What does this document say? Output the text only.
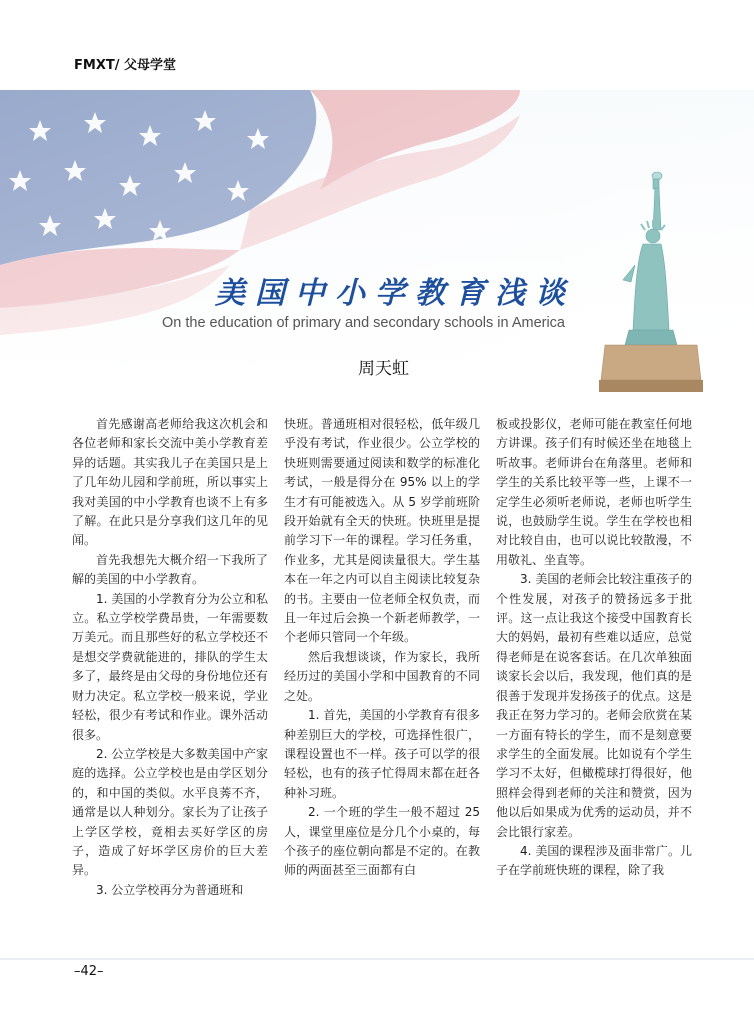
FMXT/ 父母学堂
美国中小学教育浅谈
On the education of primary and secondary schools in America
周天虹

首先感谢高老师给我这次机会和各位老师和家长交流中美小学教育差异的话题。其实我儿子在美国只是上了几年幼儿园和学前班，所以事实上我对美国的中小学教育也谈不上有多了解。在此只是分享我们这几年的见闻。

首先我想先大概介绍一下我所了解的美国的中小学教育。

1. 美国的小学教育分为公立和私立。私立学校学费昂贵，一年需要数万美元。而且那些好的私立学校还不是想交学费就能进的，排队的学生太多了，最终是由父母的身份地位还有财力决定。私立学校一般来说，学业轻松，很少有考试和作业。课外活动很多。

2. 公立学校是大多数美国中产家庭的选择。公立学校也是由学区划分的，和中国的类似。水平良莠不齐，通常是以人种划分。家长为了让孩子上学区学校，竟相去买好学区的房子，造成了好坏学区房价的巨大差异。

3. 公立学校再分为普通班和

快班。普通班相对很轻松，低年级几乎没有考试，作业很少。公立学校的快班则需要通过阅读和数学的标准化考试，一般是得分在 95% 以上的学生才有可能被选入。从 5 岁学前班阶段开始就有全天的快班。快班里是提前学习下一年的课程。学习任务重，作业多，尤其是阅读量很大。学生基本在一年之内可以自主阅读比较复杂的书。主要由一位老师全权负责，而且一年过后会换一个新老师教学，一个老师只管同一个年级。

然后我想谈谈，作为家长，我所经历过的美国小学和中国教育的不同之处。

1. 首先，美国的小学教育有很多种差别巨大的学校，可选择性很广，课程设置也不一样。孩子可以学的很轻松，也有的孩子忙得周末都在赶各种补习班。

2. 一个班的学生一般不超过 25 人，课堂里座位是分几个小桌的，每个孩子的座位朝向都是不定的。在教师的两面甚至三面都有白

板或投影仪，老师可能在教室任何地方讲课。孩子们有时候还坐在地毯上听故事。老师讲台在角落里。老师和学生的关系比较平等一些，上课不一定学生必须听老师说，老师也听学生说，也鼓励学生说。学生在学校也相对比较自由，也可以说比较散漫，不用敬礼、坐直等。

3. 美国的老师会比较注重孩子的个性发展，对孩子的赞扬远多于批评。这一点让我这个接受中国教育长大的妈妈，最初有些难以适应，总觉得老师是在说客套话。在几次单独面谈家长会以后，我发现，他们真的是很善于发现并发扬孩子的优点。这是我正在努力学习的。老师会欣赏在某一方面有特长的学生，而不是刻意要求学生的全面发展。比如说有个学生学习不太好，但橄榄球打得很好，他照样会得到老师的关注和赞赏，因为他以后如果成为优秀的运动员，并不会比银行家差。

4. 美国的课程涉及面非常广。儿子在学前班快班的课程，除了我

–42–
